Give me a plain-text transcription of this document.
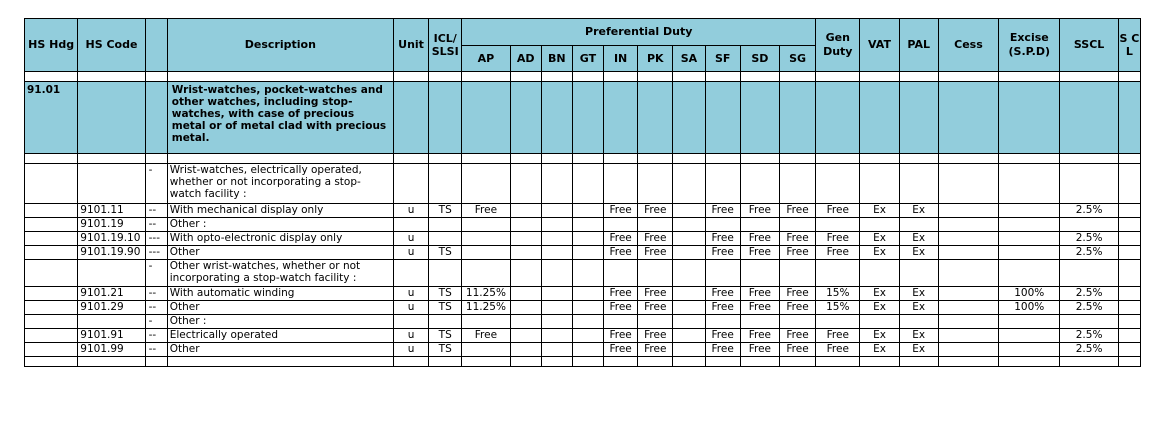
HS Hdg	HS Code		Description	Unit	ICL/ SLSI	Preferential Duty										Gen Duty	VAT	PAL	Cess	Excise (S.P.D)	SSCL	S C L
						AP	AD	BN	GT	IN	PK	SA	SF	SD	SG							

91.01			Wrist-watches, pocket-watches and other watches, including stop-watches, with case of precious metal or of metal clad with precious metal.																			

		-	Wrist-watches, electrically operated, whether or not incorporating a stop-watch facility :																			
	9101.11	--	With mechanical display only	u	TS	Free				Free	Free		Free	Free	Free	Free	Ex	Ex			2.5%	
	9101.19	--	Other :																			
	9101.19.10	---	With opto-electronic display only	u						Free	Free		Free	Free	Free	Free	Ex	Ex			2.5%	
	9101.19.90	---	Other	u	TS					Free	Free		Free	Free	Free	Free	Ex	Ex			2.5%	
		-	Other wrist-watches, whether or not incorporating a stop-watch facility :																			
	9101.21	--	With automatic winding	u	TS	11.25%				Free	Free		Free	Free	Free	15%	Ex	Ex		100%	2.5%	
	9101.29	--	Other	u	TS	11.25%				Free	Free		Free	Free	Free	15%	Ex	Ex		100%	2.5%	
		-	Other :																			
	9101.91	--	Electrically operated	u	TS	Free				Free	Free		Free	Free	Free	Free	Ex	Ex			2.5%	
	9101.99	--	Other	u	TS					Free	Free		Free	Free	Free	Free	Ex	Ex			2.5%	
